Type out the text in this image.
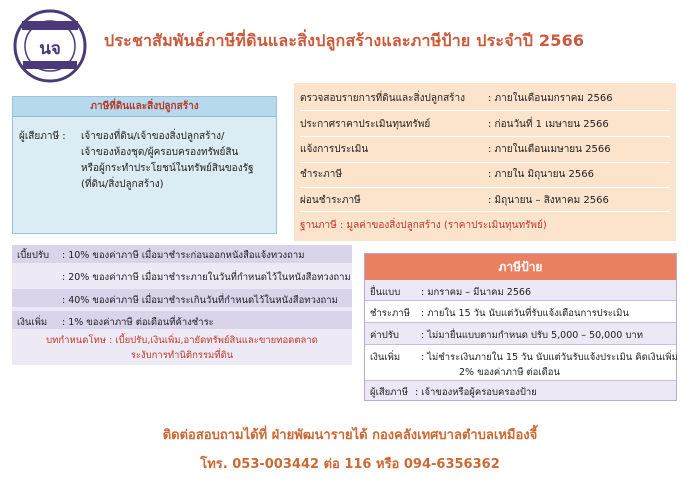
นจ	ประชาสัมพันธ์ภาษีที่ดินและสิ่งปลูกสร้างและภาษีป้าย ประจำปี 2566
ภาษีที่ดินและสิ่งปลูกสร้าง
ผู้เสียภาษี : เจ้าของที่ดิน/เจ้าของสิ่งปลูกสร้าง/
เจ้าของห้องชุด/ผู้ครอบครองทรัพย์สิน
หรือผู้กระทำประโยชน์ในทรัพย์สินของรัฐ
(ที่ดิน/สิ่งปลูกสร้าง)
ตรวจสอบรายการที่ดินและสิ่งปลูกสร้าง : ภายในเดือนมกราคม 2566
ประกาศราคาประเมินทุนทรัพย์	: ก่อนวันที่ 1 เมษายน 2566
แจ้งการประเมิน	: ภายในเดือนเมษายน 2566
ชำระภาษี	: ภายใน มิถุนายน 2566
ผ่อนชำระภาษี	: มิถุนายน – สิงหาคม 2566
ฐานภาษี : มูลค่าของสิ่งปลูกสร้าง (ราคาประเมินทุนทรัพย์)
เบี้ยปรับ : 10% ของค่าภาษี เมื่อมาชำระก่อนออกหนังสือแจ้งทวงถาม
: 20% ของค่าภาษี เมื่อมาชำระภายในวันที่กำหนดไว้ในหนังสือทวงถาม
: 40% ของค่าภาษี เมื่อมาชำระเกินวันที่กำหนดไว้ในหนังสือทวงถาม
เงินเพิ่ม : 1% ของค่าภาษี ต่อเดือนที่ค้างชำระ
บทกำหนดโทษ : เบี้ยปรับ,เงินเพิ่ม,อายัดทรัพย์สินและขายทอดตลาด
ระงับการทำนิติกรรมที่ดิน
ภาษีป้าย
ยื่นแบบ : มกราคม – มีนาคม 2566
ชำระภาษี : ภายใน 15 วัน นับแต่วันที่รับแจ้งเตือนการประเมิน
ค่าปรับ : ไม่มายื่นแบบตามกำหนด ปรับ 5,000 – 50,000 บาท
เงินเพิ่ม : ไม่ชำระเงินภายใน 15 วัน นับแต่วันรับแจ้งประเมิน คิดเงินเพิ่ม
2% ของค่าภาษี ต่อเดือน
ผู้เสียภาษี : เจ้าของหรือผู้ครอบครองป้าย
ติดต่อสอบถามได้ที่ ฝ่ายพัฒนารายได้ กองคลังเทศบาลตำบลเหมืองจี้
โทร. 053-003442 ต่อ 116 หรือ 094-6356362
